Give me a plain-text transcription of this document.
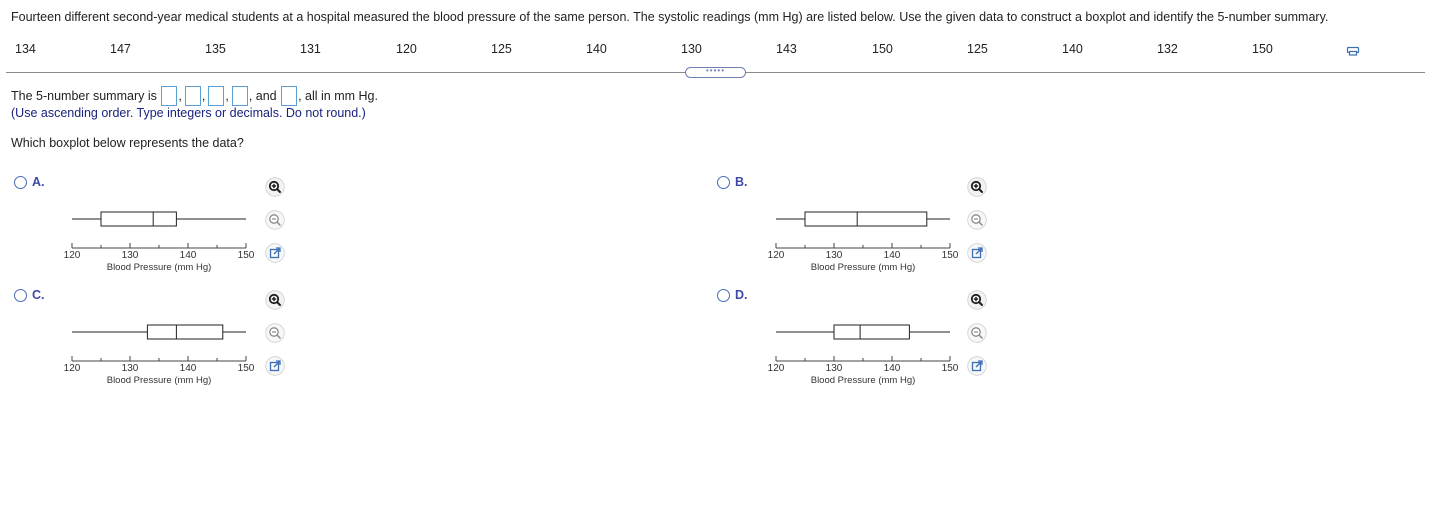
Fourteen different second-year medical students at a hospital measured the blood pressure of the same person. The systolic readings (mm Hg) are listed below. Use the given data to construct a boxplot and identify the 5-number summary.
134	147	135	131	120	125	140	130	143	150	125	140	132	150
•••••
The 5-number summary is
, , , , and
, all in mm Hg.
(Use ascending order. Type integers or decimals. Do not round.)
Which boxplot below represents the data?
A.
120	130	140	150
Blood Pressure (mm Hg)
B.
120	130	140	150
Blood Pressure (mm Hg)
C.
120	130	140	150
Blood Pressure (mm Hg)
D.
120	130	140	150
Blood Pressure (mm Hg)
